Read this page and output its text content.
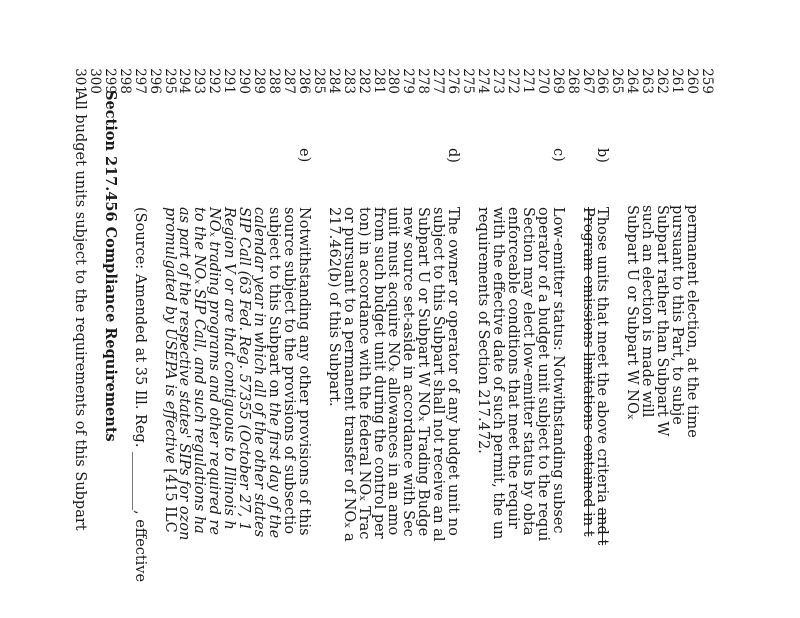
259
260
permanent election, at the time
261
pursuant to this Part, to subje
262
Subpart rather than Subpart W
263
such an election is made will
264
Subpart U or Subpart W NOₓ
265
266
b)
Those units that meet the above criteria and t
267
Program emissions limitations contained in t
268
269
c)
Low-emitter status: Notwithstanding subsec
270
operator of a budget unit subject to the requi
271
Section may elect low-emitter status by obta
272
enforceable conditions that meet the requir
273
with the effective date of such permit, the un
274
requirements of Section 217.472.
275
276
d)
The owner or operator of any budget unit no
277
subject to this Subpart shall not receive an al
278
Subpart U or Subpart W NOₓ Trading Budge
279
new source set-aside in accordance with Sec
280
unit must acquire NOₓ allowances in an amo
281
from such budget unit during the control per
282
ton) in accordance with the federal NOₓ Trac
283
or pursuant to a permanent transfer of NOₓ a
284
217.462(b) of this Subpart.
285
286
e)
Notwithstanding any other provisions of this
287
source subject to the provisions of subsectio
288
subject to this Subpart on the first day of the
289
calendar year in which all of the other states
290
SIP Call (63 Fed. Reg. 57355 (October 27, 1
291
Region V or are that contiguous to Illinois h
292
NOₓ trading programs and other required re
293
to the NOₓ SIP Call, and such regulations ha
294
as part of the respective states' SIPs for ozon
295
promulgated by USEPA is effective [415 ILC
296
297
(Source: Amended at 35 Ill. Reg. ________, effective
298
299
Section 217.456 Compliance Requirements
300
301
All budget units subject to the requirements of this Subpart
